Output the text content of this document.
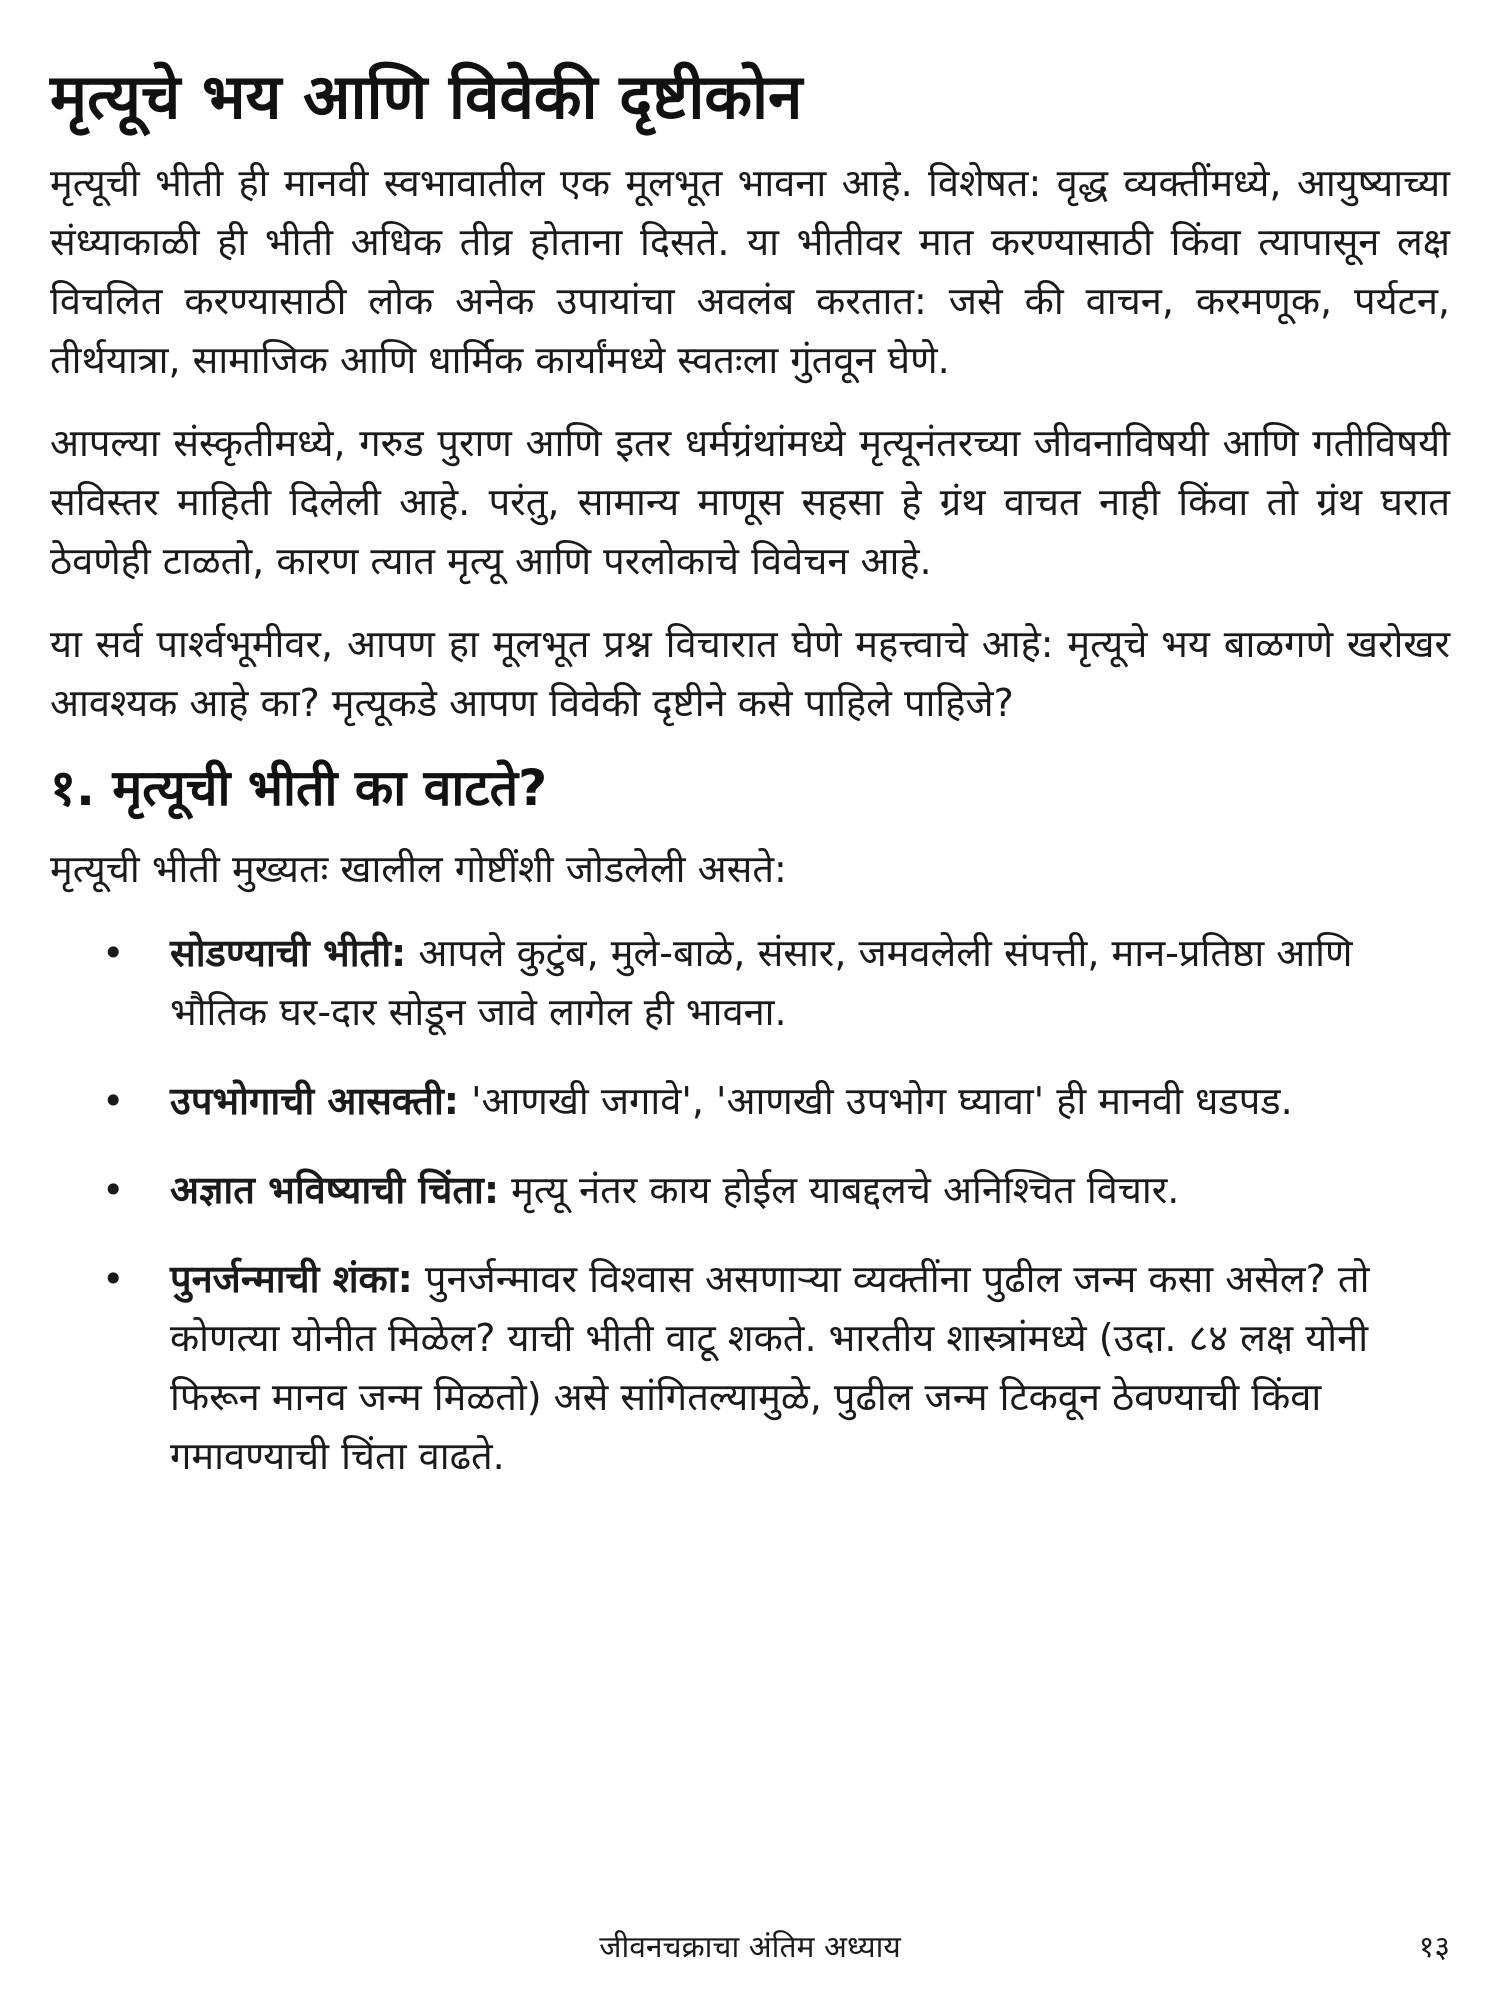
मृत्यूचे भय आणि विवेकी दृष्टीकोन

मृत्यूची भीती ही मानवी स्वभावातील एक मूलभूत भावना आहे. विशेषत: वृद्ध व्यक्तींमध्ये, आयुष्याच्या संध्याकाळी ही भीती अधिक तीव्र होताना दिसते. या भीतीवर मात करण्यासाठी किंवा त्यापासून लक्ष विचलित करण्यासाठी लोक अनेक उपायांचा अवलंब करतात: जसे की वाचन, करमणूक, पर्यटन, तीर्थयात्रा, सामाजिक आणि धार्मिक कार्यांमध्ये स्वतःला गुंतवून घेणे.

आपल्या संस्कृतीमध्ये, गरुड पुराण आणि इतर धर्मग्रंथांमध्ये मृत्यूनंतरच्या जीवनाविषयी आणि गतीविषयी सविस्तर माहिती दिलेली आहे. परंतु, सामान्य माणूस सहसा हे ग्रंथ वाचत नाही किंवा तो ग्रंथ घरात ठेवणेही टाळतो, कारण त्यात मृत्यू आणि परलोकाचे विवेचन आहे.

या सर्व पार्श्वभूमीवर, आपण हा मूलभूत प्रश्न विचारात घेणे महत्त्वाचे आहे: मृत्यूचे भय बाळगणे खरोखर आवश्यक आहे का? मृत्यूकडे आपण विवेकी दृष्टीने कसे पाहिले पाहिजे?

१. मृत्यूची भीती का वाटते?

मृत्यूची भीती मुख्यतः खालील गोष्टींशी जोडलेली असते:

• सोडण्याची भीती: आपले कुटुंब, मुले-बाळे, संसार, जमवलेली संपत्ती, मान-प्रतिष्ठा आणि भौतिक घर-दार सोडून जावे लागेल ही भावना.
• उपभोगाची आसक्ती: 'आणखी जगावे', 'आणखी उपभोग घ्यावा' ही मानवी धडपड.
• अज्ञात भविष्याची चिंता: मृत्यू नंतर काय होईल याबद्दलचे अनिश्चित विचार.
• पुनर्जन्माची शंका: पुनर्जन्मावर विश्वास असणाऱ्या व्यक्तींना पुढील जन्म कसा असेल? तो कोणत्या योनीत मिळेल? याची भीती वाटू शकते. भारतीय शास्त्रांमध्ये (उदा. ८४ लक्ष योनी फिरून मानव जन्म मिळतो) असे सांगितल्यामुळे, पुढील जन्म टिकवून ठेवण्याची किंवा गमावण्याची चिंता वाढते.
जीवनचक्राचा अंतिम अध्याय	१३
